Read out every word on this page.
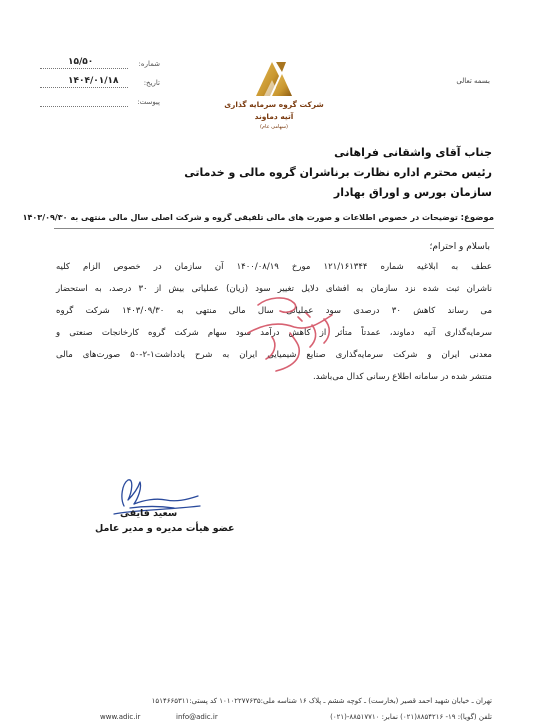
شماره:
۱۵/۵۰
تاریخ:
۱۴۰۴/۰۱/۱۸
پیوست:
بسمه تعالی
شرکت گروه سرمایه گذاری
آتیه دماوند
(سهامی عام)
جناب آقای واشقانی فراهانی
رئیس محترم اداره نظارت برناشران گروه مالی و خدماتی
سازمان بورس و اوراق بهادار
موضوع: توضیحات در خصوص اطلاعات و صورت های مالی تلفیقی گروه و شرکت اصلی سال مالی منتهی به ۱۴۰۳/۰۹/۳۰
باسلام و احترام؛
عطف به ابلاغیه شماره ۱۲۱/۱۶۱۳۴۴ مورخ ۱۴۰۰/۰۸/۱۹ آن سازمان در خصوص الزام کلیه
ناشران ثبت شده نزد سازمان به افشای دلایل تغییر سود (زیان) عملیاتی بیش از ۳۰ درصد، به استحضار
می رساند کاهش ۳۰ درصدی سود عملیاتی سال مالی منتهی به ۱۴۰۳/۰۹/۳۰ شرکت گروه
سرمایه‌گذاری آتیه دماوند، عمدتاً متأثر از کاهش درآمد سود سهام شرکت گروه کارخانجات صنعتی و
معدنی ایران و شرکت سرمایه‌گذاری صنایع شیمیایی ایران به شرح یادداشت۱-۲-۵۰ صورت‌های مالی
منتشر شده در سامانه اطلاع رسانی کدال می‌باشد.
سعید فایقی
عضو هیأت مدیره و مدیر عامل
تهران ـ خیابان شهید احمد قصیر (بخارست) ـ کوچه ششم ـ پلاک ۱۶ شناسه ملی:۱۰۱۰۲۲۷۷۶۳۵ کد پستی:۱۵۱۴۶۶۵۳۱۱
تلفن (گویا): ۱۹- ۸۸۵۴۲۱۶(۰۲۱) نمابر: ۸۸۵۱۷۷۱۰-(۰۲۱)
info@adic.ir
www.adic.ir
